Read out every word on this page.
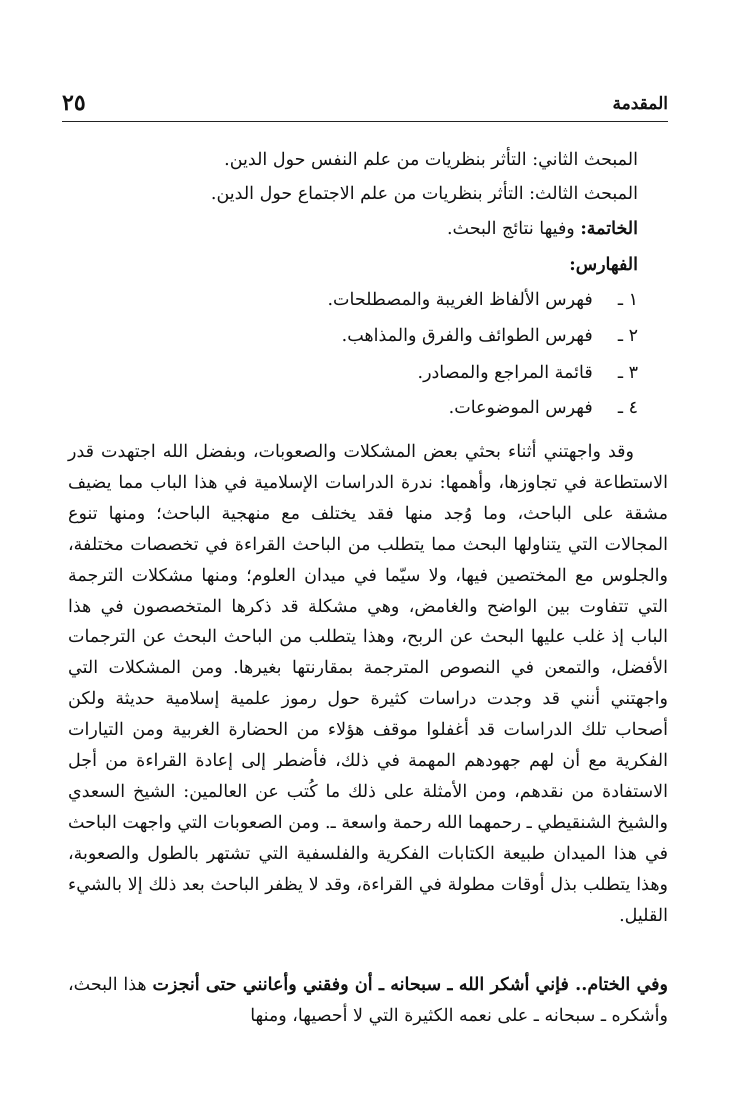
المقدمة
٢٥
المبحث الثاني: التأثر بنظريات من علم النفس حول الدين.
المبحث الثالث: التأثر بنظريات من علم الاجتماع حول الدين.
الخاتمة: وفيها نتائج البحث.
الفهارس:
١ ـ  فهرس الألفاظ الغريبة والمصطلحات.
٢ ـ  فهرس الطوائف والفرق والمذاهب.
٣ ـ  قائمة المراجع والمصادر.
٤ ـ  فهرس الموضوعات.
وقد واجهتني أثناء بحثي بعض المشكلات والصعوبات، وبفضل الله اجتهدت قدر الاستطاعة في تجاوزها، وأهمها: ندرة الدراسات الإسلامية في هذا الباب مما يضيف مشقة على الباحث، وما وُجد منها فقد يختلف مع منهجية الباحث؛ ومنها تنوع المجالات التي يتناولها البحث مما يتطلب من الباحث القراءة في تخصصات مختلفة، والجلوس مع المختصين فيها، ولا سيّما في ميدان العلوم؛ ومنها مشكلات الترجمة التي تتفاوت بين الواضح والغامض، وهي مشكلة قد ذكرها المتخصصون في هذا الباب إذ غلب عليها البحث عن الربح، وهذا يتطلب من الباحث البحث عن الترجمات الأفضل، والتمعن في النصوص المترجمة بمقارنتها بغيرها. ومن المشكلات التي واجهتني أنني قد وجدت دراسات كثيرة حول رموز علمية إسلامية حديثة ولكن أصحاب تلك الدراسات قد أغفلوا موقف هؤلاء من الحضارة الغربية ومن التيارات الفكرية مع أن لهم جهودهم المهمة في ذلك، فأضطر إلى إعادة القراءة من أجل الاستفادة من نقدهم، ومن الأمثلة على ذلك ما كُتب عن العالمين: الشيخ السعدي والشيخ الشنقيطي ـ رحمهما الله رحمة واسعة ـ. ومن الصعوبات التي واجهت الباحث في هذا الميدان طبيعة الكتابات الفكرية والفلسفية التي تشتهر بالطول والصعوبة، وهذا يتطلب بذل أوقات مطولة في القراءة، وقد لا يظفر الباحث بعد ذلك إلا بالشيء القليل.
وفي الختام.. فإني أشكر الله ـ سبحانه ـ أن وفقني وأعانني حتى أنجزت هذا البحث، وأشكره ـ سبحانه ـ على نعمه الكثيرة التي لا أحصيها، ومنها
